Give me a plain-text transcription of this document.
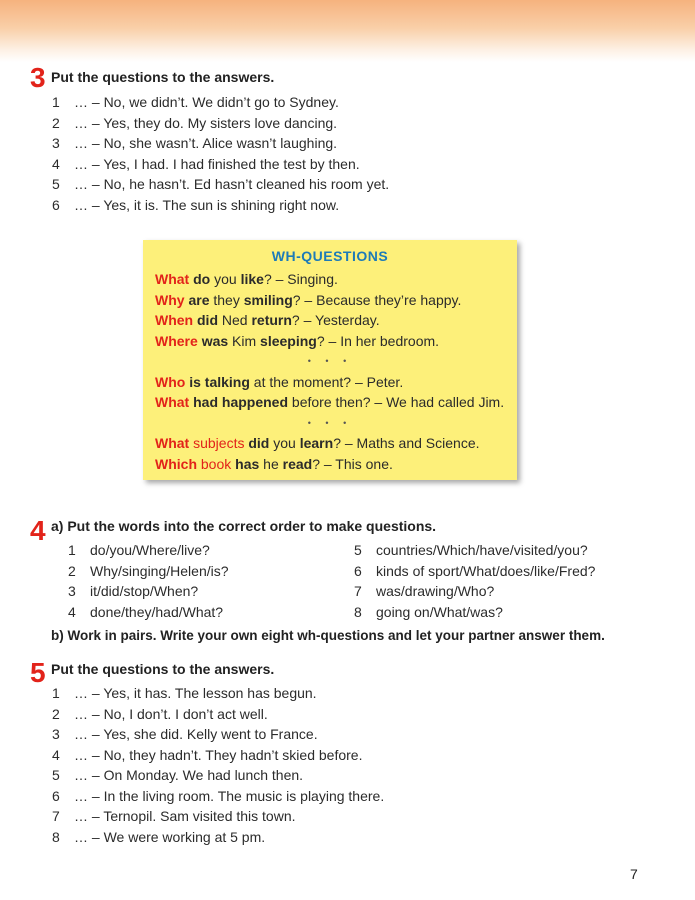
3 Put the questions to the answers.
1 … – No, we didn’t. We didn’t go to Sydney.
2 … – Yes, they do. My sisters love dancing.
3 … – No, she wasn’t. Alice wasn’t laughing.
4 … – Yes, I had. I had finished the test by then.
5 … – No, he hasn’t. Ed hasn’t cleaned his room yet.
6 … – Yes, it is. The sun is shining right now.
WH-QUESTIONS
What do you like? – Singing.
Why are they smiling? – Because they’re happy.
When did Ned return? – Yesterday.
Where was Kim sleeping? – In her bedroom.
• • •
Who is talking at the moment? – Peter.
What had happened before then? – We had called Jim.
• • •
What subjects did you learn? – Maths and Science.
Which book has he read? – This one.
4 a) Put the words into the correct order to make questions.
1 do/you/Where/live?
2 Why/singing/Helen/is?
3 it/did/stop/When?
4 done/they/had/What?
5 countries/Which/have/visited/you?
6 kinds of sport/What/does/like/Fred?
7 was/drawing/Who?
8 going on/What/was?
b) Work in pairs. Write your own eight wh-questions and let your partner answer them.
5 Put the questions to the answers.
1 … – Yes, it has. The lesson has begun.
2 … – No, I don’t. I don’t act well.
3 … – Yes, she did. Kelly went to France.
4 … – No, they hadn’t. They hadn’t skied before.
5 … – On Monday. We had lunch then.
6 … – In the living room. The music is playing there.
7 … – Ternopil. Sam visited this town.
8 … – We were working at 5 pm.
7
